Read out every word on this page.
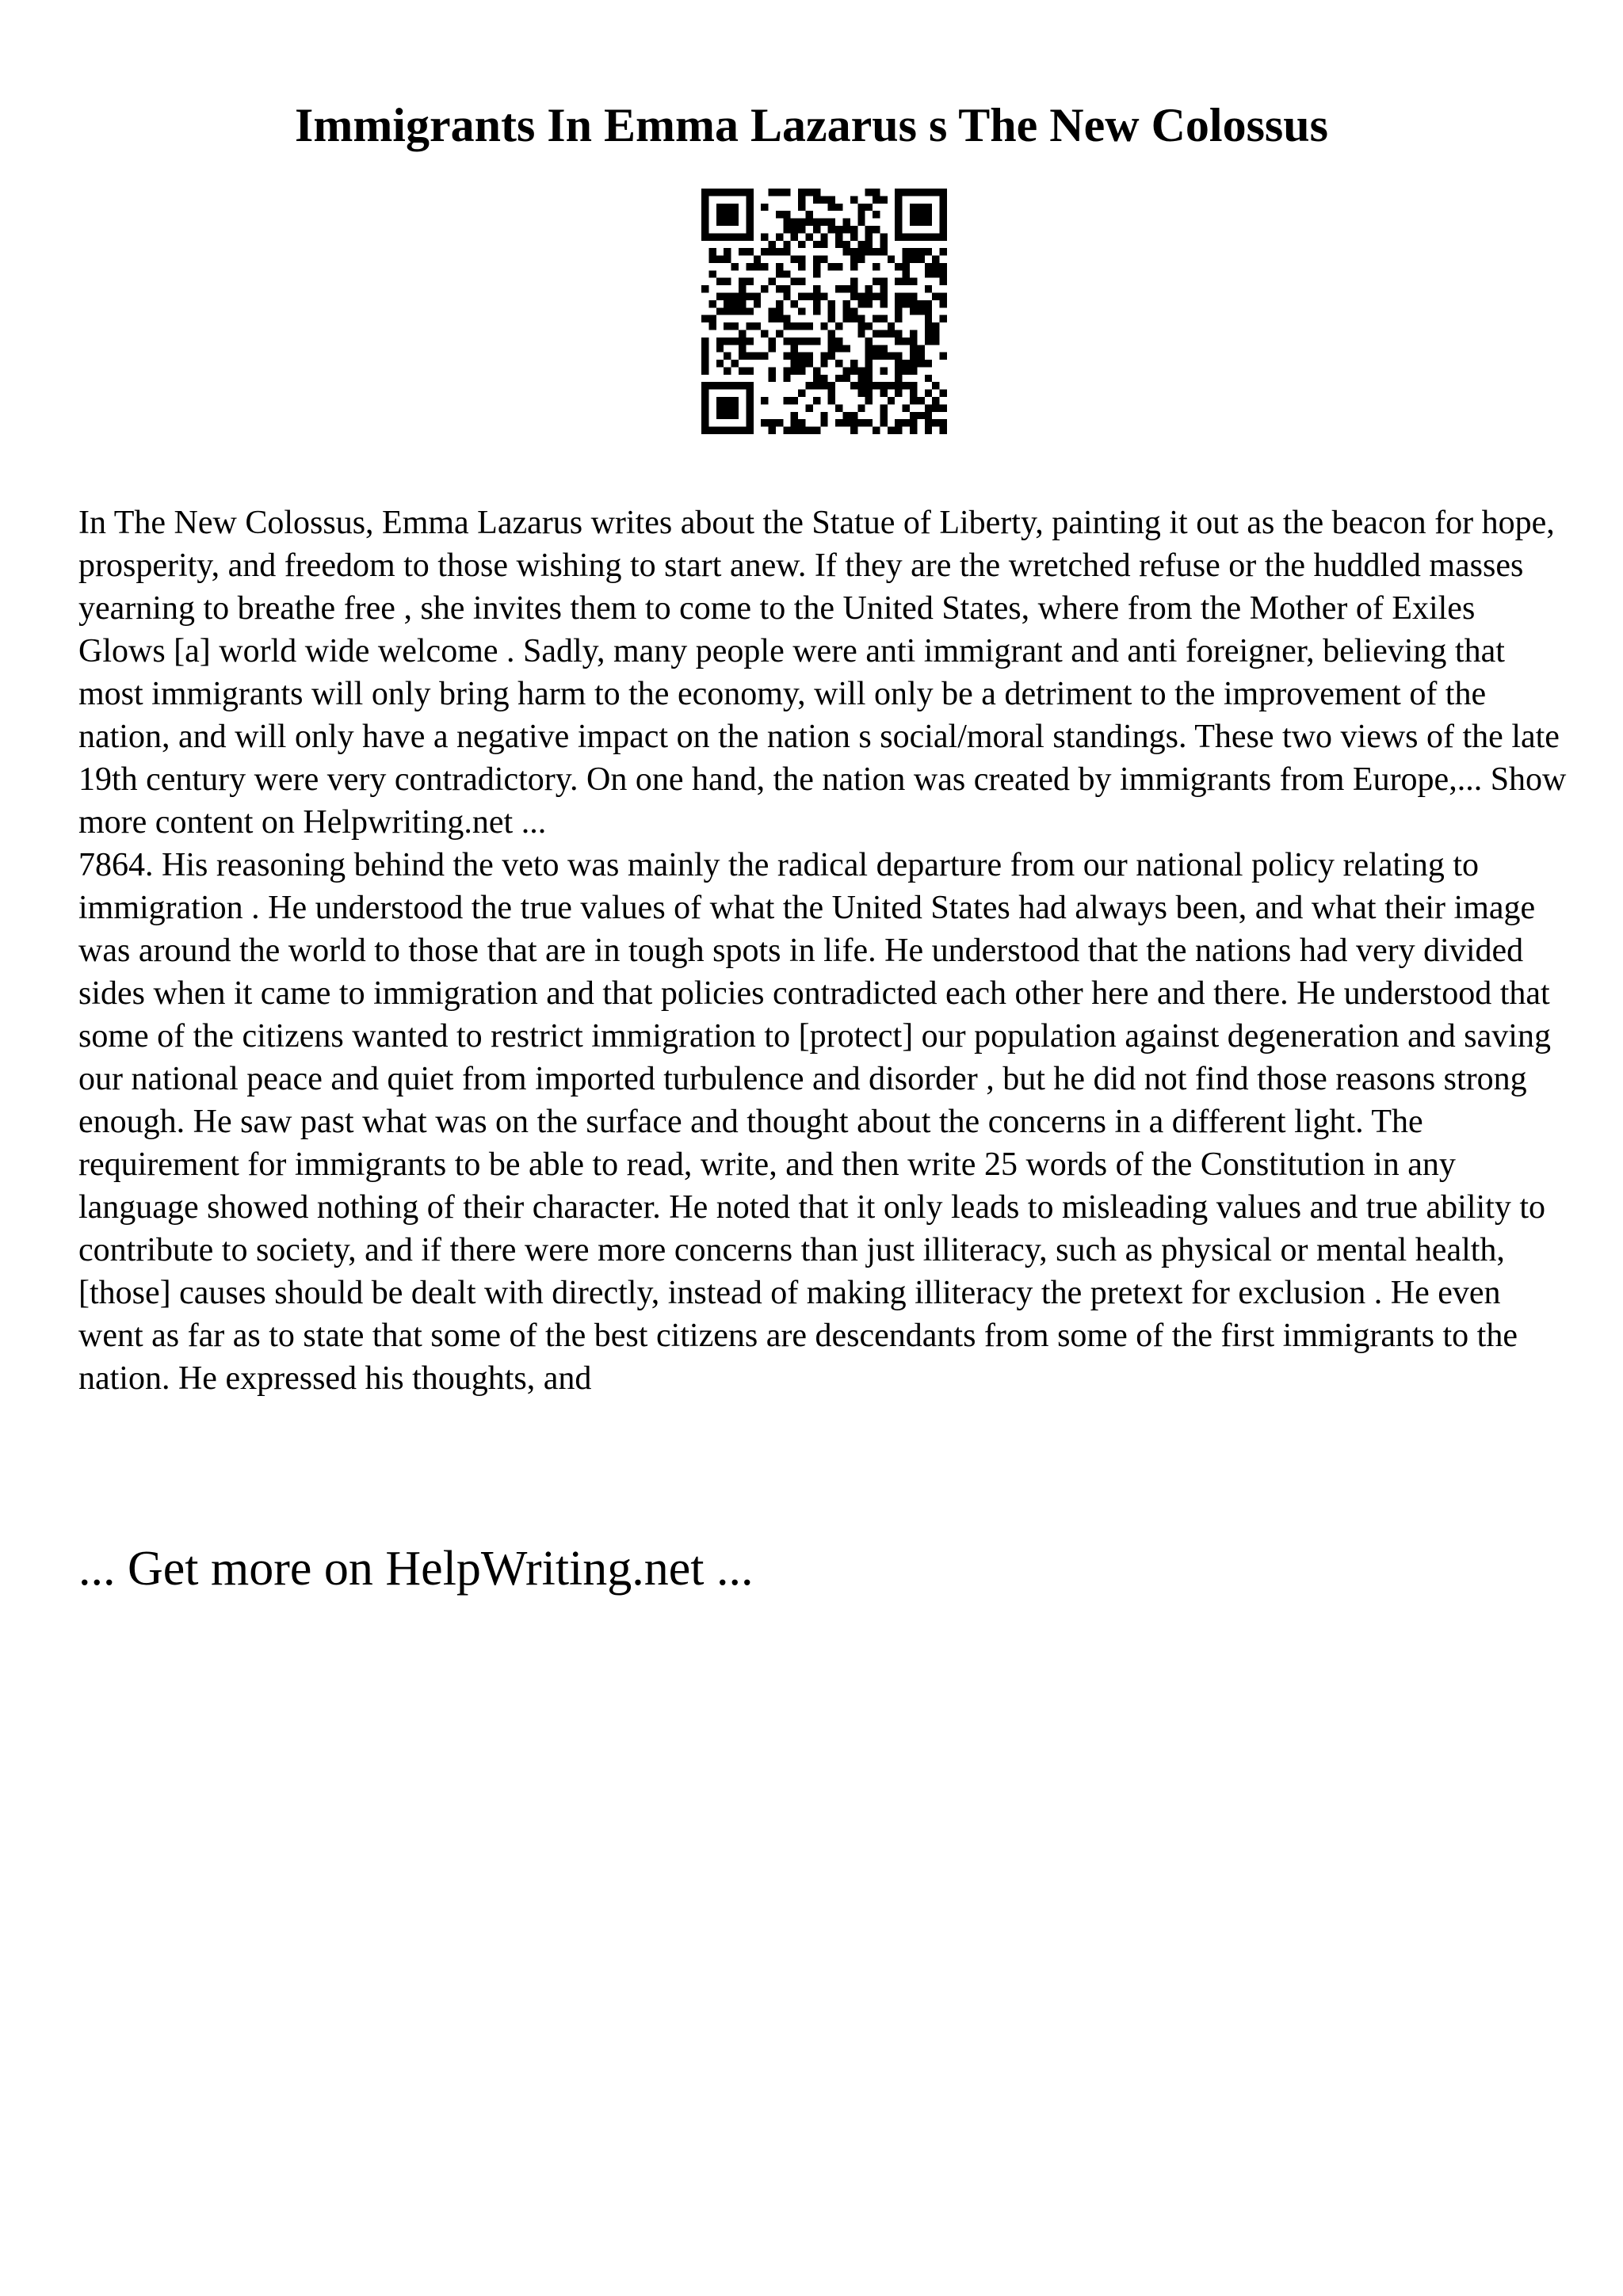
Immigrants In Emma Lazarus s The New Colossus

In The New Colossus, Emma Lazarus writes about the Statue of Liberty, painting it out as the beacon for hope, prosperity, and freedom to those wishing to start anew. If they are the wretched refuse or the huddled masses yearning to breathe free , she invites them to come to the United States, where from the Mother of Exiles Glows [a] world wide welcome . Sadly, many people were anti immigrant and anti foreigner, believing that most immigrants will only bring harm to the economy, will only be a detriment to the improvement of the nation, and will only have a negative impact on the nation s social/moral standings. These two views of the late 19th century were very contradictory. On one hand, the nation was created by immigrants from Europe,... Show more content on Helpwriting.net ...

7864. His reasoning behind the veto was mainly the radical departure from our national policy relating to immigration . He understood the true values of what the United States had always been, and what their image was around the world to those that are in tough spots in life. He understood that the nations had very divided sides when it came to immigration and that policies contradicted each other here and there. He understood that some of the citizens wanted to restrict immigration to [protect] our population against degeneration and saving our national peace and quiet from imported turbulence and disorder , but he did not find those reasons strong enough. He saw past what was on the surface and thought about the concerns in a different light. The requirement for immigrants to be able to read, write, and then write 25 words of the Constitution in any language showed nothing of their character. He noted that it only leads to misleading values and true ability to contribute to society, and if there were more concerns than just illiteracy, such as physical or mental health, [those] causes should be dealt with directly, instead of making illiteracy the pretext for exclusion . He even went as far as to state that some of the best citizens are descendants from some of the first immigrants to the nation. He expressed his thoughts, and

... Get more on HelpWriting.net ...
